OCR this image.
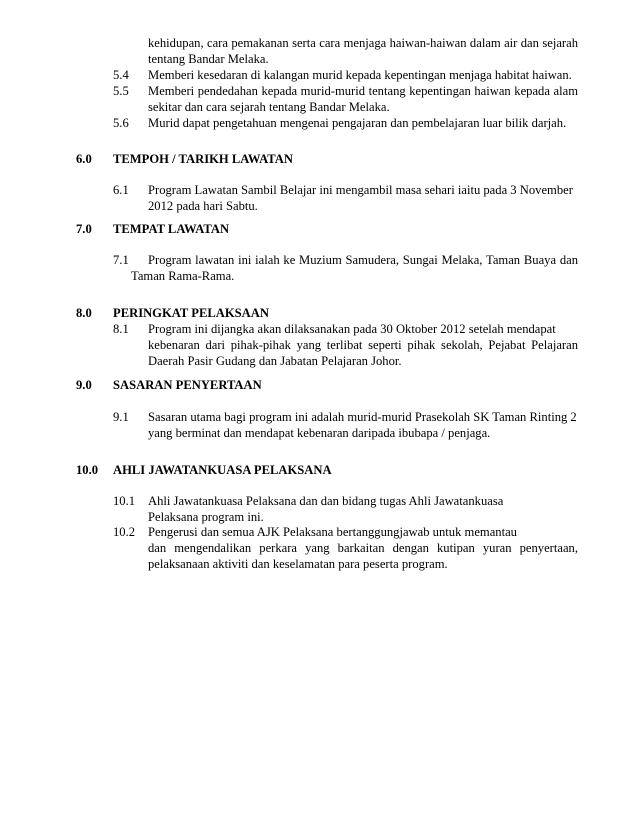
kehidupan, cara pemakanan serta cara menjaga haiwan-haiwan dalam air dan sejarah
tentang Bandar Melaka.
5.4 Memberi kesedaran di kalangan murid kepada kepentingan menjaga habitat haiwan.
5.5 Memberi pendedahan kepada murid-murid tentang kepentingan haiwan kepada alam
sekitar dan cara sejarah tentang Bandar Melaka.
5.6 Murid dapat pengetahuan mengenai pengajaran dan pembelajaran luar bilik darjah.
6.0 TEMPOH / TARIKH LAWATAN
6.1 Program Lawatan Sambil Belajar ini mengambil masa sehari iaitu pada 3 November
2012 pada hari Sabtu.
7.0 TEMPAT LAWATAN
7.1 Program lawatan ini ialah ke Muzium Samudera, Sungai Melaka, Taman Buaya dan
Taman Rama-Rama.
8.0 PERINGKAT PELAKSAAN
8.1 Program ini dijangka akan dilaksanakan pada 30 Oktober 2012 setelah mendapat
kebenaran dari pihak-pihak yang terlibat seperti pihak sekolah, Pejabat Pelajaran
Daerah Pasir Gudang dan Jabatan Pelajaran Johor.
9.0 SASARAN PENYERTAAN
9.1 Sasaran utama bagi program ini adalah murid-murid Prasekolah SK Taman Rinting 2
yang berminat dan mendapat kebenaran daripada ibubapa / penjaga.
10.0 AHLI JAWATANKUASA PELAKSANA
10.1 Ahli Jawatankuasa Pelaksana dan dan bidang tugas Ahli Jawatankuasa
Pelaksana program ini.
10.2 Pengerusi dan semua AJK Pelaksana bertanggungjawab untuk memantau
dan mengendalikan perkara yang barkaitan dengan kutipan yuran penyertaan,
pelaksanaan aktiviti dan keselamatan para peserta program.
